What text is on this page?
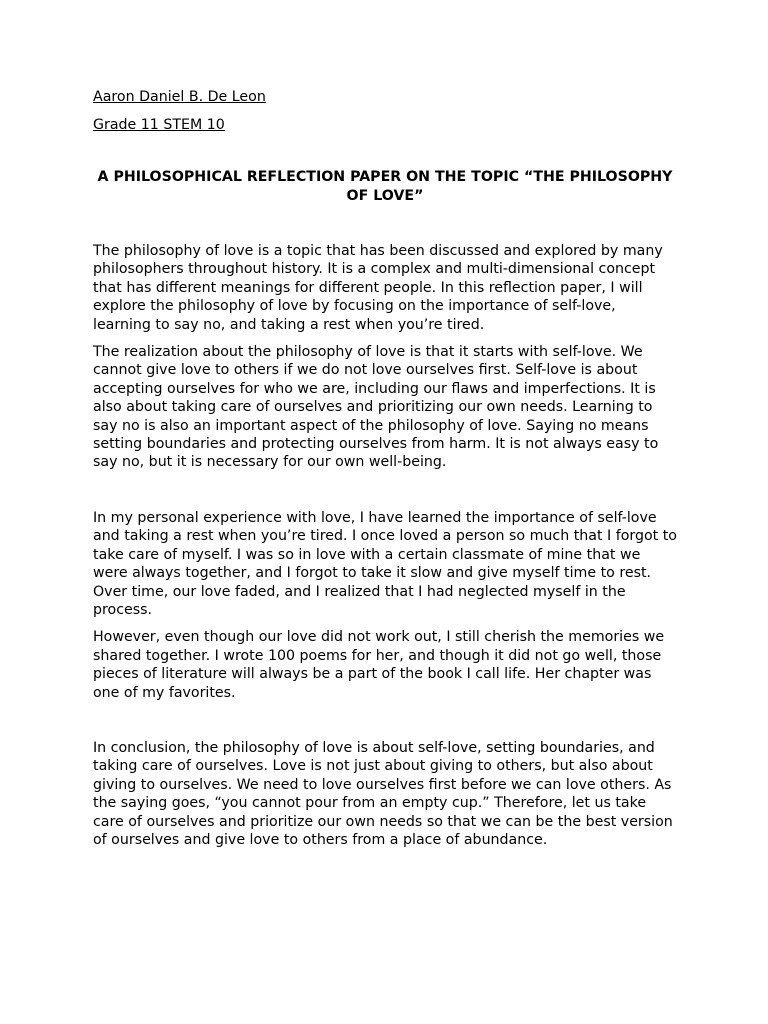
Aaron Daniel B. De Leon

Grade 11 STEM 10

A PHILOSOPHICAL REFLECTION PAPER ON THE TOPIC “THE PHILOSOPHY OF LOVE”

The philosophy of love is a topic that has been discussed and explored by many philosophers throughout history. It is a complex and multi-dimensional concept that has different meanings for different people. In this reflection paper, I will explore the philosophy of love by focusing on the importance of self-love, learning to say no, and taking a rest when you’re tired.

The realization about the philosophy of love is that it starts with self-love. We cannot give love to others if we do not love ourselves first. Self-love is about accepting ourselves for who we are, including our flaws and imperfections. It is also about taking care of ourselves and prioritizing our own needs. Learning to say no is also an important aspect of the philosophy of love. Saying no means setting boundaries and protecting ourselves from harm. It is not always easy to say no, but it is necessary for our own well-being.

In my personal experience with love, I have learned the importance of self-love and taking a rest when you’re tired. I once loved a person so much that I forgot to take care of myself. I was so in love with a certain classmate of mine that we were always together, and I forgot to take it slow and give myself time to rest. Over time, our love faded, and I realized that I had neglected myself in the process.

However, even though our love did not work out, I still cherish the memories we shared together. I wrote 100 poems for her, and though it did not go well, those pieces of literature will always be a part of the book I call life. Her chapter was one of my favorites.

In conclusion, the philosophy of love is about self-love, setting boundaries, and taking care of ourselves. Love is not just about giving to others, but also about giving to ourselves. We need to love ourselves first before we can love others. As the saying goes, “you cannot pour from an empty cup.” Therefore, let us take care of ourselves and prioritize our own needs so that we can be the best version of ourselves and give love to others from a place of abundance.
